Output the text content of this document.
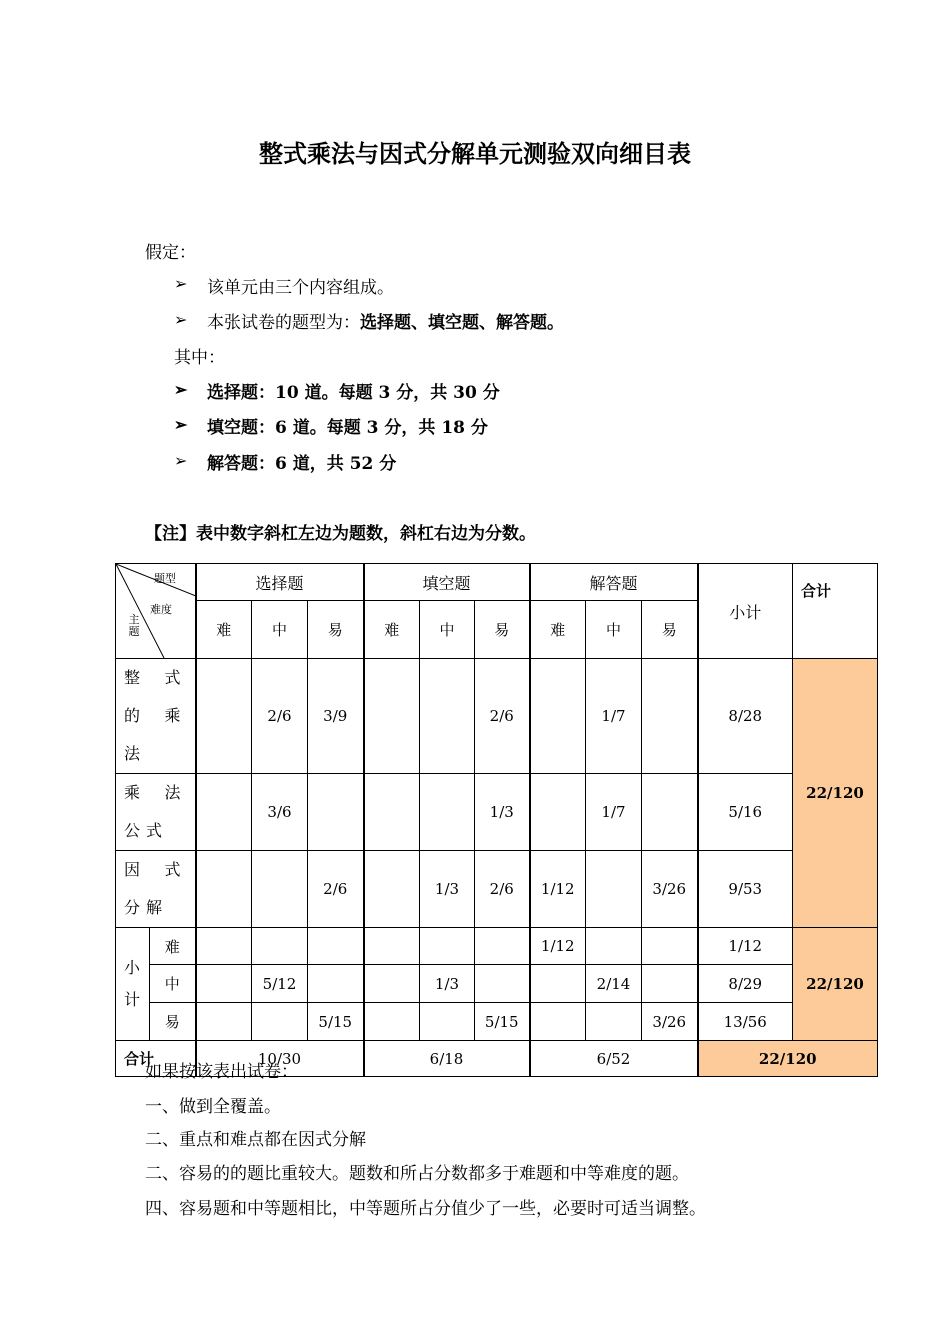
整式乘法与因式分解单元测验双向细目表
假定：
➢ 该单元由三个内容组成。
➢ 本张试卷的题型为：选择题、填空题、解答题。
其中：
➢ 选择题：10 道。每题 3 分，共 30 分
➢ 填空题：6 道。每题 3 分，共 18 分
➢ 解答题：6 道，共 52 分
【注】表中数字斜杠左边为题数，斜杠右边为分数。
题型
难度
主题		选择题			填空题			解答题			小计	合计
		难	中	易	难	中	易	难	中	易		
整式的乘法			2/6	3/9			2/6		1/7		8/28	22/120
乘法公式			3/6				1/3		1/7		5/16	
因式分解				2/6		1/3	2/6	1/12		3/26	9/53	

小计	难							1/12			1/12	22/120
	中		5/12			1/3			2/14		8/29	
	易			5/15			5/15			3/26	13/56	
合计		10/30			6/18			6/52			22/120	
如果按该表出试卷：
一、做到全覆盖。
二、重点和难点都在因式分解
二、容易的的题比重较大。题数和所占分数都多于难题和中等难度的题。
四、容易题和中等题相比，中等题所占分值少了一些，必要时可适当调整。
